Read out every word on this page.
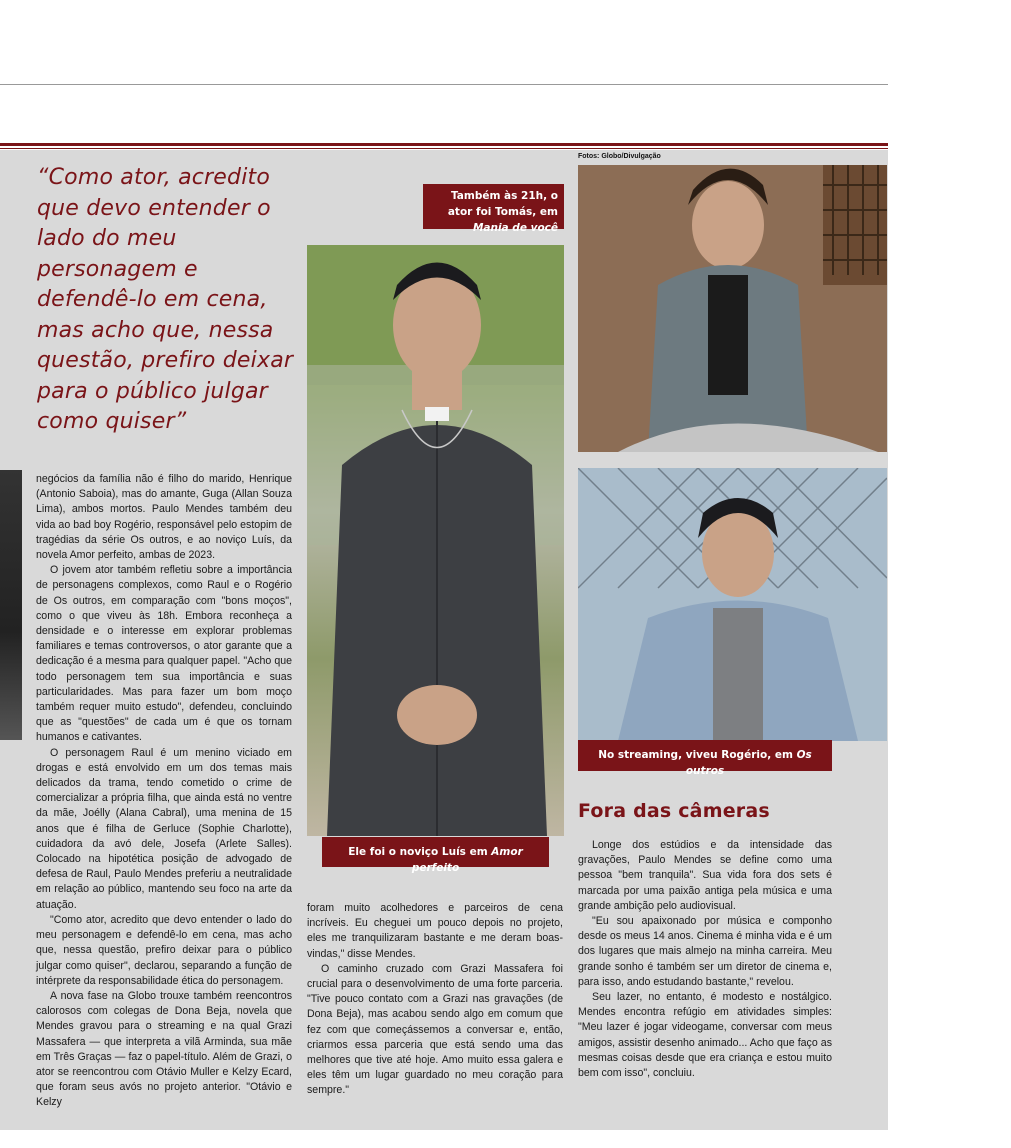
“Como ator, acredito que devo entender o lado do meu personagem e defendê-lo em cena, mas acho que, nessa questão, prefiro deixar para o público julgar como quiser”
Fotos: Globo/Divulgação
Também às 21h, o ator foi Tomás, em Mania de você
Ele foi o noviço Luís em Amor perfeito
No streaming, viveu Rogério, em Os outros
Fora das câmeras

negócios da família não é filho do marido, Henrique (Antonio Saboia), mas do amante, Guga (Allan Souza Lima), ambos mortos. Paulo Mendes também deu vida ao bad boy Rogério, responsável pelo estopim de tragédias da série Os outros, e ao noviço Luís, da novela Amor perfeito, ambas de 2023.

O jovem ator também refletiu sobre a importância de personagens complexos, como Raul e o Rogério de Os outros, em comparação com "bons moços", como o que viveu às 18h. Embora reconheça a densidade e o interesse em explorar problemas familiares e temas controversos, o ator garante que a dedicação é a mesma para qualquer papel. "Acho que todo personagem tem sua importância e suas particularidades. Mas para fazer um bom moço também requer muito estudo", defendeu, concluindo que as "questões" de cada um é que os tornam humanos e cativantes.

O personagem Raul é um menino viciado em drogas e está envolvido em um dos temas mais delicados da trama, tendo cometido o crime de comercializar a própria filha, que ainda está no ventre da mãe, Joélly (Alana Cabral), uma menina de 15 anos que é filha de Gerluce (Sophie Charlotte), cuidadora da avó dele, Josefa (Arlete Salles). Colocado na hipotética posição de advogado de defesa de Raul, Paulo Mendes preferiu a neutralidade em relação ao público, mantendo seu foco na arte da atuação.

"Como ator, acredito que devo entender o lado do meu personagem e defendê-lo em cena, mas acho que, nessa questão, prefiro deixar para o público julgar como quiser", declarou, separando a função de intérprete da responsabilidade ética do personagem.

A nova fase na Globo trouxe também reencontros calorosos com colegas de Dona Beja, novela que Mendes gravou para o streaming e na qual Grazi Massafera — que interpreta a vilã Arminda, sua mãe em Três Graças — faz o papel-título. Além de Grazi, o ator se reencontrou com Otávio Muller e Kelzy Ecard, que foram seus avós no projeto anterior. "Otávio e Kelzy

foram muito acolhedores e parceiros de cena incríveis. Eu cheguei um pouco depois no projeto, eles me tranquilizaram bastante e me deram boas-vindas," disse Mendes.

O caminho cruzado com Grazi Massafera foi crucial para o desenvolvimento de uma forte parceria. "Tive pouco contato com a Grazi nas gravações (de Dona Beja), mas acabou sendo algo em comum que fez com que começássemos a conversar e, então, criarmos essa parceria que está sendo uma das melhores que tive até hoje. Amo muito essa galera e eles têm um lugar guardado no meu coração para sempre."

Longe dos estúdios e da intensidade das gravações, Paulo Mendes se define como uma pessoa "bem tranquila". Sua vida fora dos sets é marcada por uma paixão antiga pela música e uma grande ambição pelo audiovisual.

"Eu sou apaixonado por música e componho desde os meus 14 anos. Cinema é minha vida e é um dos lugares que mais almejo na minha carreira. Meu grande sonho é também ser um diretor de cinema e, para isso, ando estudando bastante," revelou.

Seu lazer, no entanto, é modesto e nostálgico. Mendes encontra refúgio em atividades simples: "Meu lazer é jogar videogame, conversar com meus amigos, assistir desenho animado... Acho que faço as mesmas coisas desde que era criança e estou muito bem com isso", concluiu.
